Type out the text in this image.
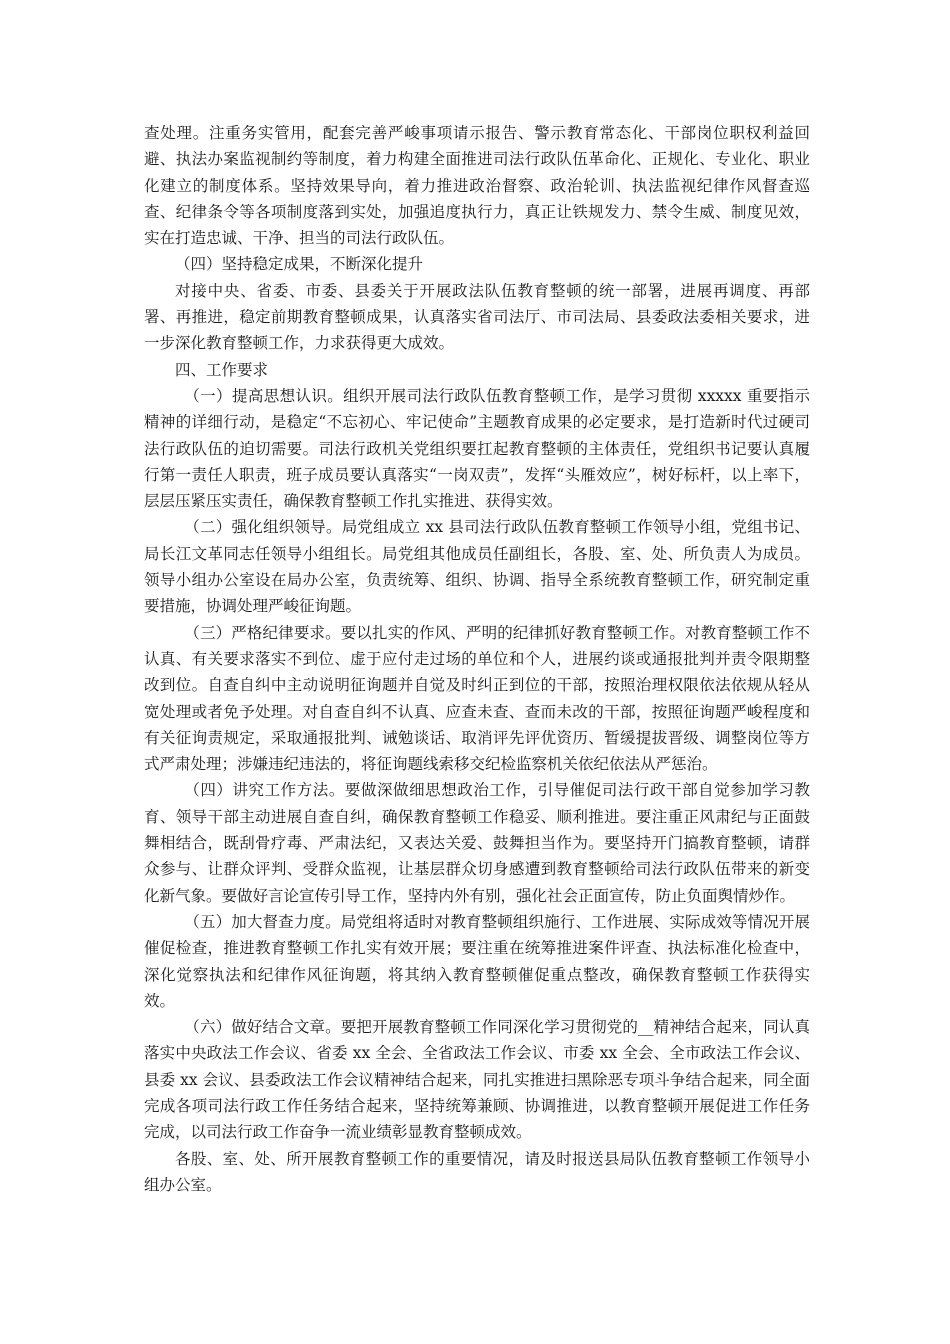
查处理。注重务实管用，配套完善严峻事项请示报告、警示教育常态化、干部岗位职权利益回避、执法办案监视制约等制度，着力构建全面推进司法行政队伍革命化、正规化、专业化、职业化建立的制度体系。坚持效果导向，着力推进政治督察、政治轮训、执法监视纪律作风督查巡查、纪律条令等各项制度落到实处，加强追度执行力，真正让铁规发力、禁令生威、制度见效，实在打造忠诚、干净、担当的司法行政队伍。

（四）坚持稳定成果，不断深化提升

对接中央、省委、市委、县委关于开展政法队伍教育整顿的统一部署，进展再调度、再部署、再推进，稳定前期教育整顿成果，认真落实省司法厅、市司法局、县委政法委相关要求，进一步深化教育整顿工作，力求获得更大成效。

四、工作要求

（一）提高思想认识。组织开展司法行政队伍教育整顿工作，是学习贯彻 xxxxx 重要指示精神的详细行动，是稳定“不忘初心、牢记使命”主题教育成果的必定要求，是打造新时代过硬司法行政队伍的迫切需要。司法行政机关党组织要扛起教育整顿的主体责任，党组织书记要认真履行第一责任人职责，班子成员要认真落实“一岗双责”，发挥“头雁效应”，树好标杆，以上率下，层层压紧压实责任，确保教育整顿工作扎实推进、获得实效。

（二）强化组织领导。局党组成立 xx 县司法行政队伍教育整顿工作领导小组，党组书记、局长江文革同志任领导小组组长。局党组其他成员任副组长，各股、室、处、所负责人为成员。领导小组办公室设在局办公室，负责统筹、组织、协调、指导全系统教育整顿工作，研究制定重要措施，协调处理严峻征询题。

（三）严格纪律要求。要以扎实的作风、严明的纪律抓好教育整顿工作。对教育整顿工作不认真、有关要求落实不到位、虚于应付走过场的单位和个人，进展约谈或通报批判并责令限期整改到位。自查自纠中主动说明征询题并自觉及时纠正到位的干部，按照治理权限依法依规从轻从宽处理或者免予处理。对自查自纠不认真、应查未查、查而未改的干部，按照征询题严峻程度和有关征询责规定，采取通报批判、诫勉谈话、取消评先评优资历、暂缓提拔晋级、调整岗位等方式严肃处理；涉嫌违纪违法的，将征询题线索移交纪检监察机关依纪依法从严惩治。

（四）讲究工作方法。要做深做细思想政治工作，引导催促司法行政干部自觉参加学习教育、领导干部主动进展自查自纠，确保教育整顿工作稳妥、顺利推进。要注重正风肃纪与正面鼓舞相结合，既刮骨疗毒、严肃法纪，又表达关爱、鼓舞担当作为。要坚持开门搞教育整顿，请群众参与、让群众评判、受群众监视，让基层群众切身感遭到教育整顿给司法行政队伍带来的新变化新气象。要做好言论宣传引导工作，坚持内外有别，强化社会正面宣传，防止负面舆情炒作。

（五）加大督查力度。局党组将适时对教育整顿组织施行、工作进展、实际成效等情况开展催促检查，推进教育整顿工作扎实有效开展；要注重在统筹推进案件评查、执法标准化检查中，深化觉察执法和纪律作风征询题，将其纳入教育整顿催促重点整改，确保教育整顿工作获得实效。

（六）做好结合文章。要把开展教育整顿工作同深化学习贯彻党的__精神结合起来，同认真落实中央政法工作会议、省委 xx 全会、全省政法工作会议、市委 xx 全会、全市政法工作会议、县委 xx 会议、县委政法工作会议精神结合起来，同扎实推进扫黑除恶专项斗争结合起来，同全面完成各项司法行政工作任务结合起来，坚持统筹兼顾、协调推进，以教育整顿开展促进工作任务完成，以司法行政工作奋争一流业绩彰显教育整顿成效。

各股、室、处、所开展教育整顿工作的重要情况，请及时报送县局队伍教育整顿工作领导小组办公室。
